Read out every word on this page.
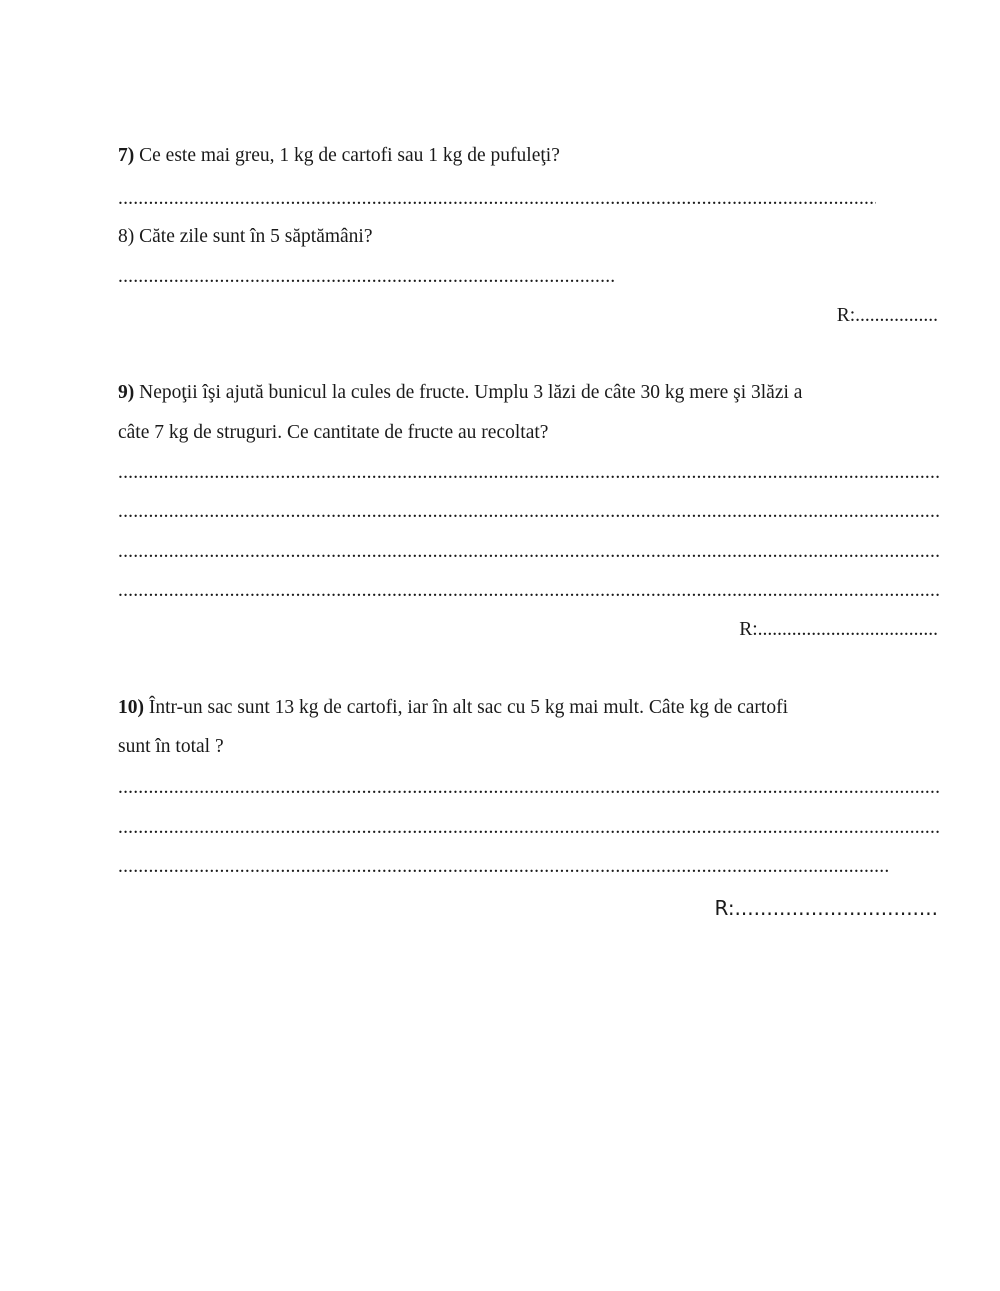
7) Ce este mai greu, 1 kg de cartofi sau 1 kg de pufuleţi?
.....
8) Căte zile sunt în 5 săptămâni?
.....
R:.................
9) Nepoţii îşi ajută bunicul la cules de fructe. Umplu 3 lăzi de câte 30 kg mere şi 3lăzi a
câte 7 kg de struguri. Ce cantitate de fructe au recoltat?
.....
.....
.....
.....
R:.....................................
10) Într-un sac sunt 13 kg de cartofi, iar în alt sac cu 5 kg mai mult. Câte kg de cartofi
sunt în total ?
.....
.....
.....
R:................................
